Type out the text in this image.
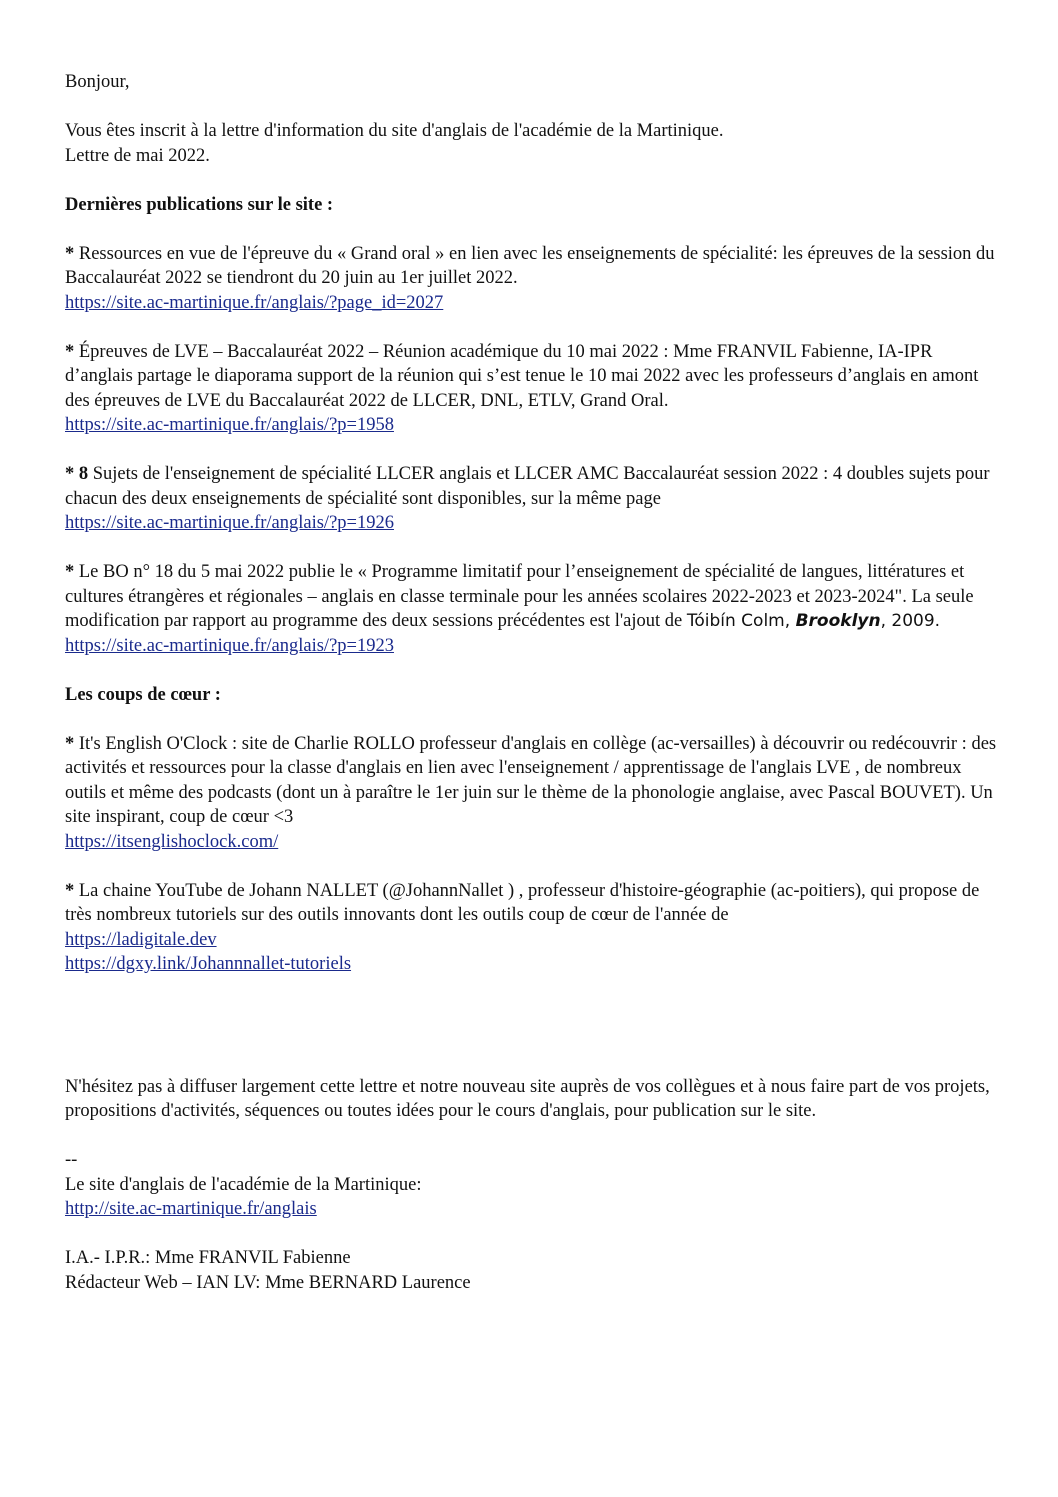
Bonjour,

Vous êtes inscrit à la lettre d'information du site d'anglais de l'académie de la Martinique.
Lettre de mai 2022.

Dernières publications sur le site :

* Ressources en vue de l'épreuve du « Grand oral » en lien avec les enseignements de spécialité: les épreuves de la session du Baccalauréat 2022 se tiendront du 20 juin au 1er juillet 2022.
https://site.ac-martinique.fr/anglais/?page_id=2027

* Épreuves de LVE – Baccalauréat 2022 – Réunion académique du 10 mai 2022 : Mme FRANVIL Fabienne, IA-IPR d’anglais partage le diaporama support de la réunion qui s’est tenue le 10 mai 2022 avec les professeurs d’anglais en amont des épreuves de LVE du Baccalauréat 2022 de LLCER, DNL, ETLV, Grand Oral.
https://site.ac-martinique.fr/anglais/?p=1958

* 8 Sujets de l'enseignement de spécialité LLCER anglais et LLCER AMC Baccalauréat session 2022 : 4 doubles sujets pour chacun des deux enseignements de spécialité sont disponibles, sur la même page
https://site.ac-martinique.fr/anglais/?p=1926

* Le BO n° 18 du 5 mai 2022 publie le « Programme limitatif pour l’enseignement de spécialité de langues, littératures et cultures étrangères et régionales – anglais en classe terminale pour les années scolaires 2022-2023 et 2023-2024". La seule modification par rapport au programme des deux sessions précédentes est l'ajout de Tóibín Colm, Brooklyn, 2009.
https://site.ac-martinique.fr/anglais/?p=1923

Les coups de cœur :

* It's English O'Clock : site de Charlie ROLLO professeur d'anglais en collège (ac-versailles) à découvrir ou redécouvrir : des activités et ressources pour la classe d'anglais en lien avec l'enseignement / apprentissage de l'anglais LVE , de nombreux outils et même des podcasts (dont un à paraître le 1er juin sur le thème de la phonologie anglaise, avec Pascal BOUVET). Un site inspirant, coup de cœur <3
https://itsenglishoclock.com/

* La chaine YouTube de Johann NALLET (@JohannNallet ) , professeur d'histoire-géographie (ac-poitiers), qui propose de très nombreux tutoriels sur des outils innovants dont les outils coup de cœur de l'année de
https://ladigitale.dev
https://dgxy.link/Johannnallet-tutoriels

N'hésitez pas à diffuser largement cette lettre et notre nouveau site auprès de vos collègues et à nous faire part de vos projets, propositions d'activités, séquences ou toutes idées pour le cours d'anglais, pour publication sur le site.

--
Le site d'anglais de l'académie de la Martinique:
http://site.ac-martinique.fr/anglais

I.A.- I.P.R.: Mme FRANVIL Fabienne
Rédacteur Web – IAN LV: Mme BERNARD Laurence
